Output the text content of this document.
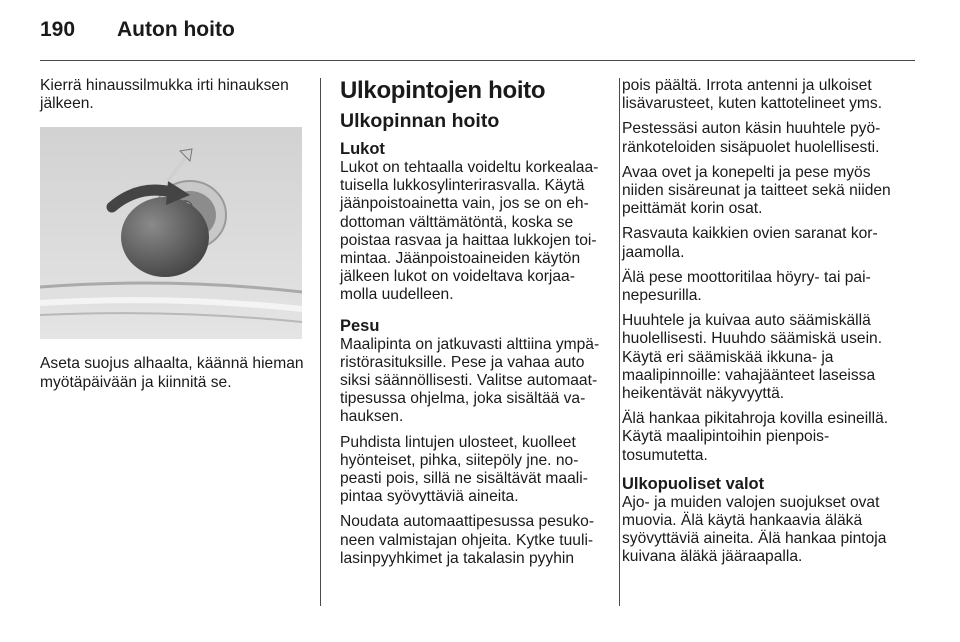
190 Auton hoito

Kierrä hinaussilmukka irti hinauksen jälkeen.

Aseta suojus alhaalta, käännä hieman myötäpäivään ja kiinnitä se.

Ulkopintojen hoito
Ulkopinnan hoito
Lukot

Lukot on tehtaalla voideltu korkealaatuisella lukkosylinterirasvalla. Käytä jäänpoistoainetta vain, jos se on ehdottoman välttämätöntä, koska se poistaa rasvaa ja haittaa lukkojen toimintaa. Jäänpoistoaineiden käytön jälkeen lukot on voideltava korjaamolla uudelleen.

Pesu

Maalipinta on jatkuvasti alttiina ympäristörasituksille. Pese ja vahaa auto siksi säännöllisesti. Valitse automaattipesussa ohjelma, joka sisältää vahauksen.

Puhdista lintujen ulosteet, kuolleet hyönteiset, pihka, siitepöly jne. nopeasti pois, sillä ne sisältävät maalipintaa syövyttäviä aineita.

Noudata automaattipesussa pesukoneen valmistajan ohjeita. Kytke tuulilasinpyyhkimet ja takalasin pyyhin

pois päältä. Irrota antenni ja ulkoiset lisävarusteet, kuten kattotelineet yms.

Pestessäsi auton käsin huuhtele pyöränkoteloiden sisäpuolet huolellisesti.

Avaa ovet ja konepelti ja pese myös niiden sisäreunat ja taitteet sekä niiden peittämät korin osat.

Rasvauta kaikkien ovien saranat korjaamolla.

Älä pese moottoritilaa höyry- tai painepesurilla.

Huuhtele ja kuivaa auto säämiskällä huolellisesti. Huuhdo säämiskä usein. Käytä eri säämiskää ikkuna- ja maalipinnoille: vahajäänteet laseissa heikentävät näkyvyyttä.

Älä hankaa pikitahroja kovilla esineillä. Käytä maalipintoihin pienpoistosumutetta.

Ulkopuoliset valot

Ajo- ja muiden valojen suojukset ovat muovia. Älä käytä hankaavia äläkä syövyttäviä aineita. Älä hankaa pintoja kuivana äläkä jääraapalla.
